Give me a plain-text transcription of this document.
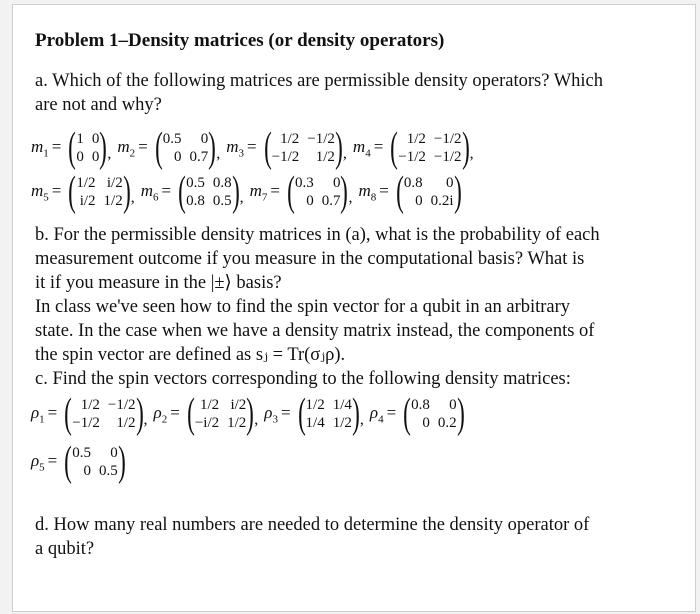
Problem 1–Density matrices (or density operators)
a. Which of the following matrices are permissible density operators? Which
are not and why?
$m_1$ = ( 1 0
0 0 ) , $m_2$ = ( 0.5	0
0 0.7 ) , $m_3$ = ( 1/2 −1/2
−1/2	1/2 ) , $m_4$ = ( 1/2 −1/2
−1/2 −1/2 ) ,
$m_5$ = ( 1/2 i/2
i/2 1/2 ) , $m_6$ = ( 0.5 0.8
0.8 0.5 ) , $m_7$ = ( 0.3	0
0 0.7 ) , $m_8$ = ( 0.8	0
0 0.2i )
b. For the permissible density matrices in (a), what is the probability of each
measurement outcome if you measure in the computational basis? What is
it if you measure in the |±⟩ basis?
In class we've seen how to find the spin vector for a qubit in an arbitrary
state. In the case when we have a density matrix instead, the components of
the spin vector are defined as sⱼ = Tr(σⱼρ).
c. Find the spin vectors corresponding to the following density matrices:
$\rho_1$ = ( 1/2 −1/2
−1/2	1/2 ) , $\rho_2$ = ( 1/2 i/2
−i/2 1/2 ) , $\rho_3$ = ( 1/2 1/4
1/4 1/2 ) , $\rho_4$ = ( 0.8	0
0 0.2 )
$\rho_5$ = ( 0.5	0
0 0.5 )
d. How many real numbers are needed to determine the density operator of
a qubit?
